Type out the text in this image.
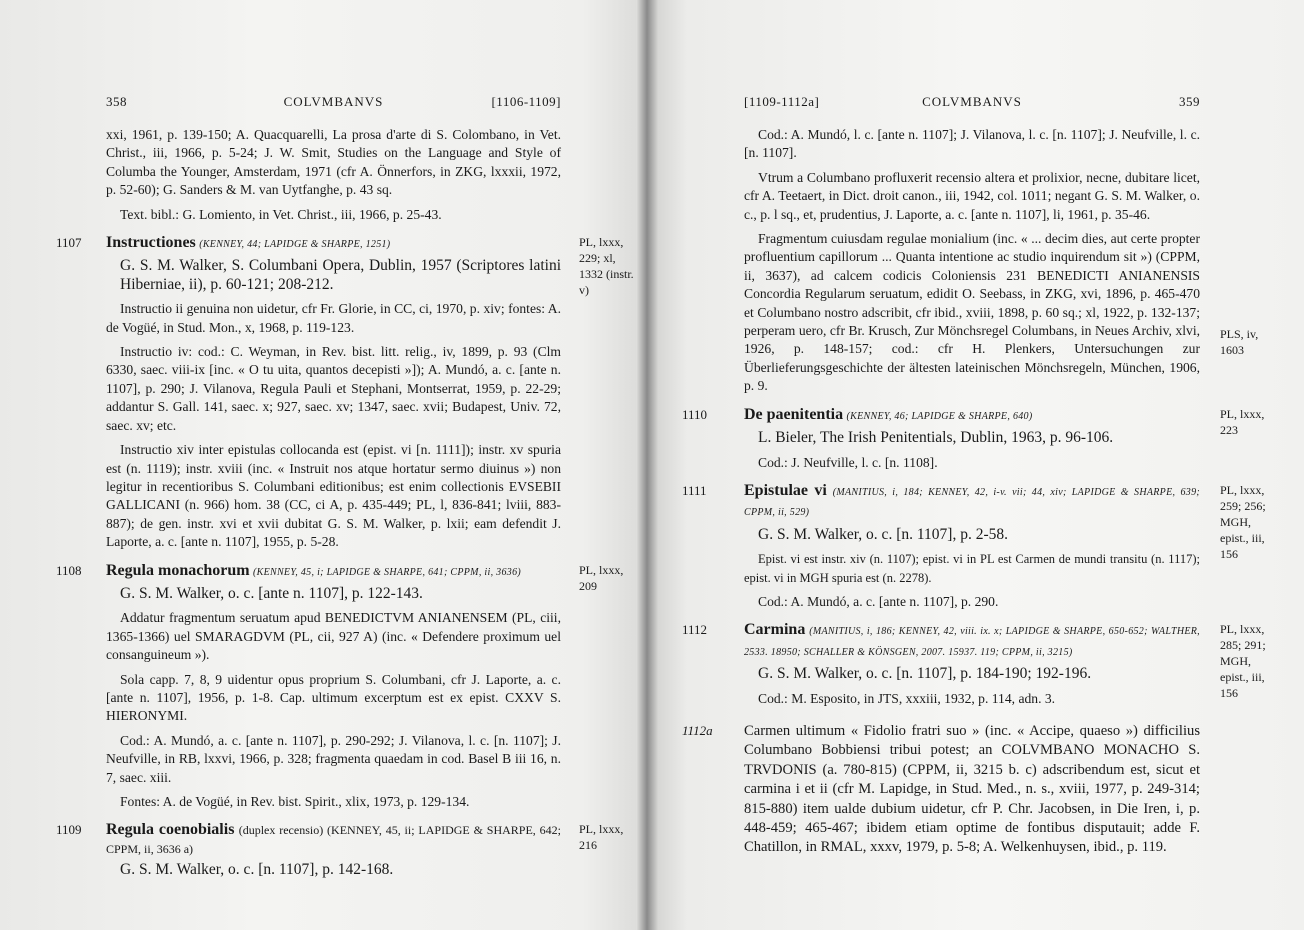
358	COLVMBANVS	[1106-1109]

xxi, 1961, p. 139-150; A. Quacquarelli, La prosa d'arte di S. Colombano, in Vet. Christ., iii, 1966, p. 5-24; J. W. Smit, Studies on the Language and Style of Columba the Younger, Amsterdam, 1971 (cfr A. Önnerfors, in ZKG, lxxxii, 1972, p. 52-60); G. Sanders & M. van Uytfanghe, p. 43 sq.

Text. bibl.: G. Lomiento, in Vet. Christ., iii, 1966, p. 25-43.

1107	PL, lxxx, 229; xl, 1332 (instr. v)
Instructiones (KENNEY, 44; LAPIDGE & SHARPE, 1251)
G. S. M. Walker, S. Columbani Opera, Dublin, 1957 (Scriptores latini Hiberniae, ii), p. 60-121; 208-212.
Instructio ii genuina non uidetur, cfr Fr. Glorie, in CC, ci, 1970, p. xiv; fontes: A. de Vogüé, in Stud. Mon., x, 1968, p. 119-123.
Instructio iv: cod.: C. Weyman, in Rev. bist. litt. relig., iv, 1899, p. 93 (Clm 6330, saec. viii-ix [inc. « O tu uita, quantos decepisti »]); A. Mundó, a. c. [ante n. 1107], p. 290; J. Vilanova, Regula Pauli et Stephani, Montserrat, 1959, p. 22-29; addantur S. Gall. 141, saec. x; 927, saec. xv; 1347, saec. xvii; Budapest, Univ. 72, saec. xv; etc.
Instructio xiv inter epistulas collocanda est (epist. vi [n. 1111]); instr. xv spuria est (n. 1119); instr. xviii (inc. « Instruit nos atque hortatur sermo diuinus ») non legitur in recentioribus S. Columbani editionibus; est enim collectionis EVSEBII GALLICANI (n. 966) hom. 38 (CC, ci A, p. 435-449; PL, l, 836-841; lviii, 883-887); de gen. instr. xvi et xvii dubitat G. S. M. Walker, p. lxii; eam defendit J. Laporte, a. c. [ante n. 1107], 1955, p. 5-28.
1108	PL, lxxx, 209
Regula monachorum (KENNEY, 45, i; LAPIDGE & SHARPE, 641; CPPM, ii, 3636)
G. S. M. Walker, o. c. [ante n. 1107], p. 122-143.
Addatur fragmentum seruatum apud BENEDICTVM ANIANENSEM (PL, ciii, 1365-1366) uel SMARAGDVM (PL, cii, 927 A) (inc. « Defendere proximum uel consanguineum »).
Sola capp. 7, 8, 9 uidentur opus proprium S. Columbani, cfr J. Laporte, a. c. [ante n. 1107], 1956, p. 1-8. Cap. ultimum excerptum est ex epist. CXXV S. HIERONYMI.
Cod.: A. Mundó, a. c. [ante n. 1107], p. 290-292; J. Vilanova, l. c. [n. 1107]; J. Neufville, in RB, lxxvi, 1966, p. 328; fragmenta quaedam in cod. Basel B iii 16, n. 7, saec. xiii.
Fontes: A. de Vogüé, in Rev. bist. Spirit., xlix, 1973, p. 129-134.
1109	PL, lxxx, 216
Regula coenobialis (duplex recensio) (KENNEY, 45, ii; LAPIDGE & SHARPE, 642; CPPM, ii, 3636 a)
G. S. M. Walker, o. c. [n. 1107], p. 142-168.
[1109-1112a]	COLVMBANVS	359

Cod.: A. Mundó, l. c. [ante n. 1107]; J. Vilanova, l. c. [n. 1107]; J. Neufville, l. c. [n. 1107].

Vtrum a Columbano profluxerit recensio altera et prolixior, necne, dubitare licet, cfr A. Teetaert, in Dict. droit canon., iii, 1942, col. 1011; negant G. S. M. Walker, o. c., p. l sq., et, prudentius, J. Laporte, a. c. [ante n. 1107], li, 1961, p. 35-46.

PLS, iv, 1603

Fragmentum cuiusdam regulae monialium (inc. « ... decim dies, aut certe propter profluentium capillorum ... Quanta intentione ac studio inquirendum sit ») (CPPM, ii, 3637), ad calcem codicis Coloniensis 231 BENEDICTI ANIANENSIS Concordia Regularum seruatum, edidit O. Seebass, in ZKG, xvi, 1896, p. 465-470 et Columbano nostro adscribit, cfr ibid., xviii, 1898, p. 60 sq.; xl, 1922, p. 132-137; perperam uero, cfr Br. Krusch, Zur Mönchsregel Columbans, in Neues Archiv, xlvi, 1926, p. 148-157; cod.: cfr H. Plenkers, Untersuchungen zur Überlieferungsgeschichte der ältesten lateinischen Mönchsregeln, München, 1906, p. 9.

1110	PL, lxxx, 223
De paenitentia (KENNEY, 46; LAPIDGE & SHARPE, 640)
L. Bieler, The Irish Penitentials, Dublin, 1963, p. 96-106.
Cod.: J. Neufville, l. c. [n. 1108].
1111	PL, lxxx, 259; 256; MGH, epist., iii, 156
Epistulae vi (MANITIUS, i, 184; KENNEY, 42, i-v. vii; 44, xiv; LAPIDGE & SHARPE, 639; CPPM, ii, 529)
G. S. M. Walker, o. c. [n. 1107], p. 2-58.
Epist. vi est instr. xiv (n. 1107); epist. vi in PL est Carmen de mundi transitu (n. 1117); epist. vi in MGH spuria est (n. 2278).
Cod.: A. Mundó, a. c. [ante n. 1107], p. 290.
1112	PL, lxxx, 285; 291; MGH, epist., iii, 156
Carmina (MANITIUS, i, 186; KENNEY, 42, viii. ix. x; LAPIDGE & SHARPE, 650-652; WALTHER, 2533. 18950; SCHALLER & KÖNSGEN, 2007. 15937. 119; CPPM, ii, 3215)
G. S. M. Walker, o. c. [n. 1107], p. 184-190; 192-196.
Cod.: M. Esposito, in JTS, xxxiii, 1932, p. 114, adn. 3.
1112a Carmen ultimum « Fidolio fratri suo » (inc. « Accipe, quaeso ») difficilius Columbano Bobbiensi tribui potest; an COLVMBANO MONACHO S. TRVDONIS (a. 780-815) (CPPM, ii, 3215 b. c) adscribendum est, sicut et carmina i et ii (cfr M. Lapidge, in Stud. Med., n. s., xviii, 1977, p. 249-314; 815-880) item ualde dubium uidetur, cfr P. Chr. Jacobsen, in Die Iren, i, p. 448-459; 465-467; ibidem etiam optime de fontibus disputauit; adde F. Chatillon, in RMAL, xxxv, 1979, p. 5-8; A. Welkenhuysen, ibid., p. 119.
